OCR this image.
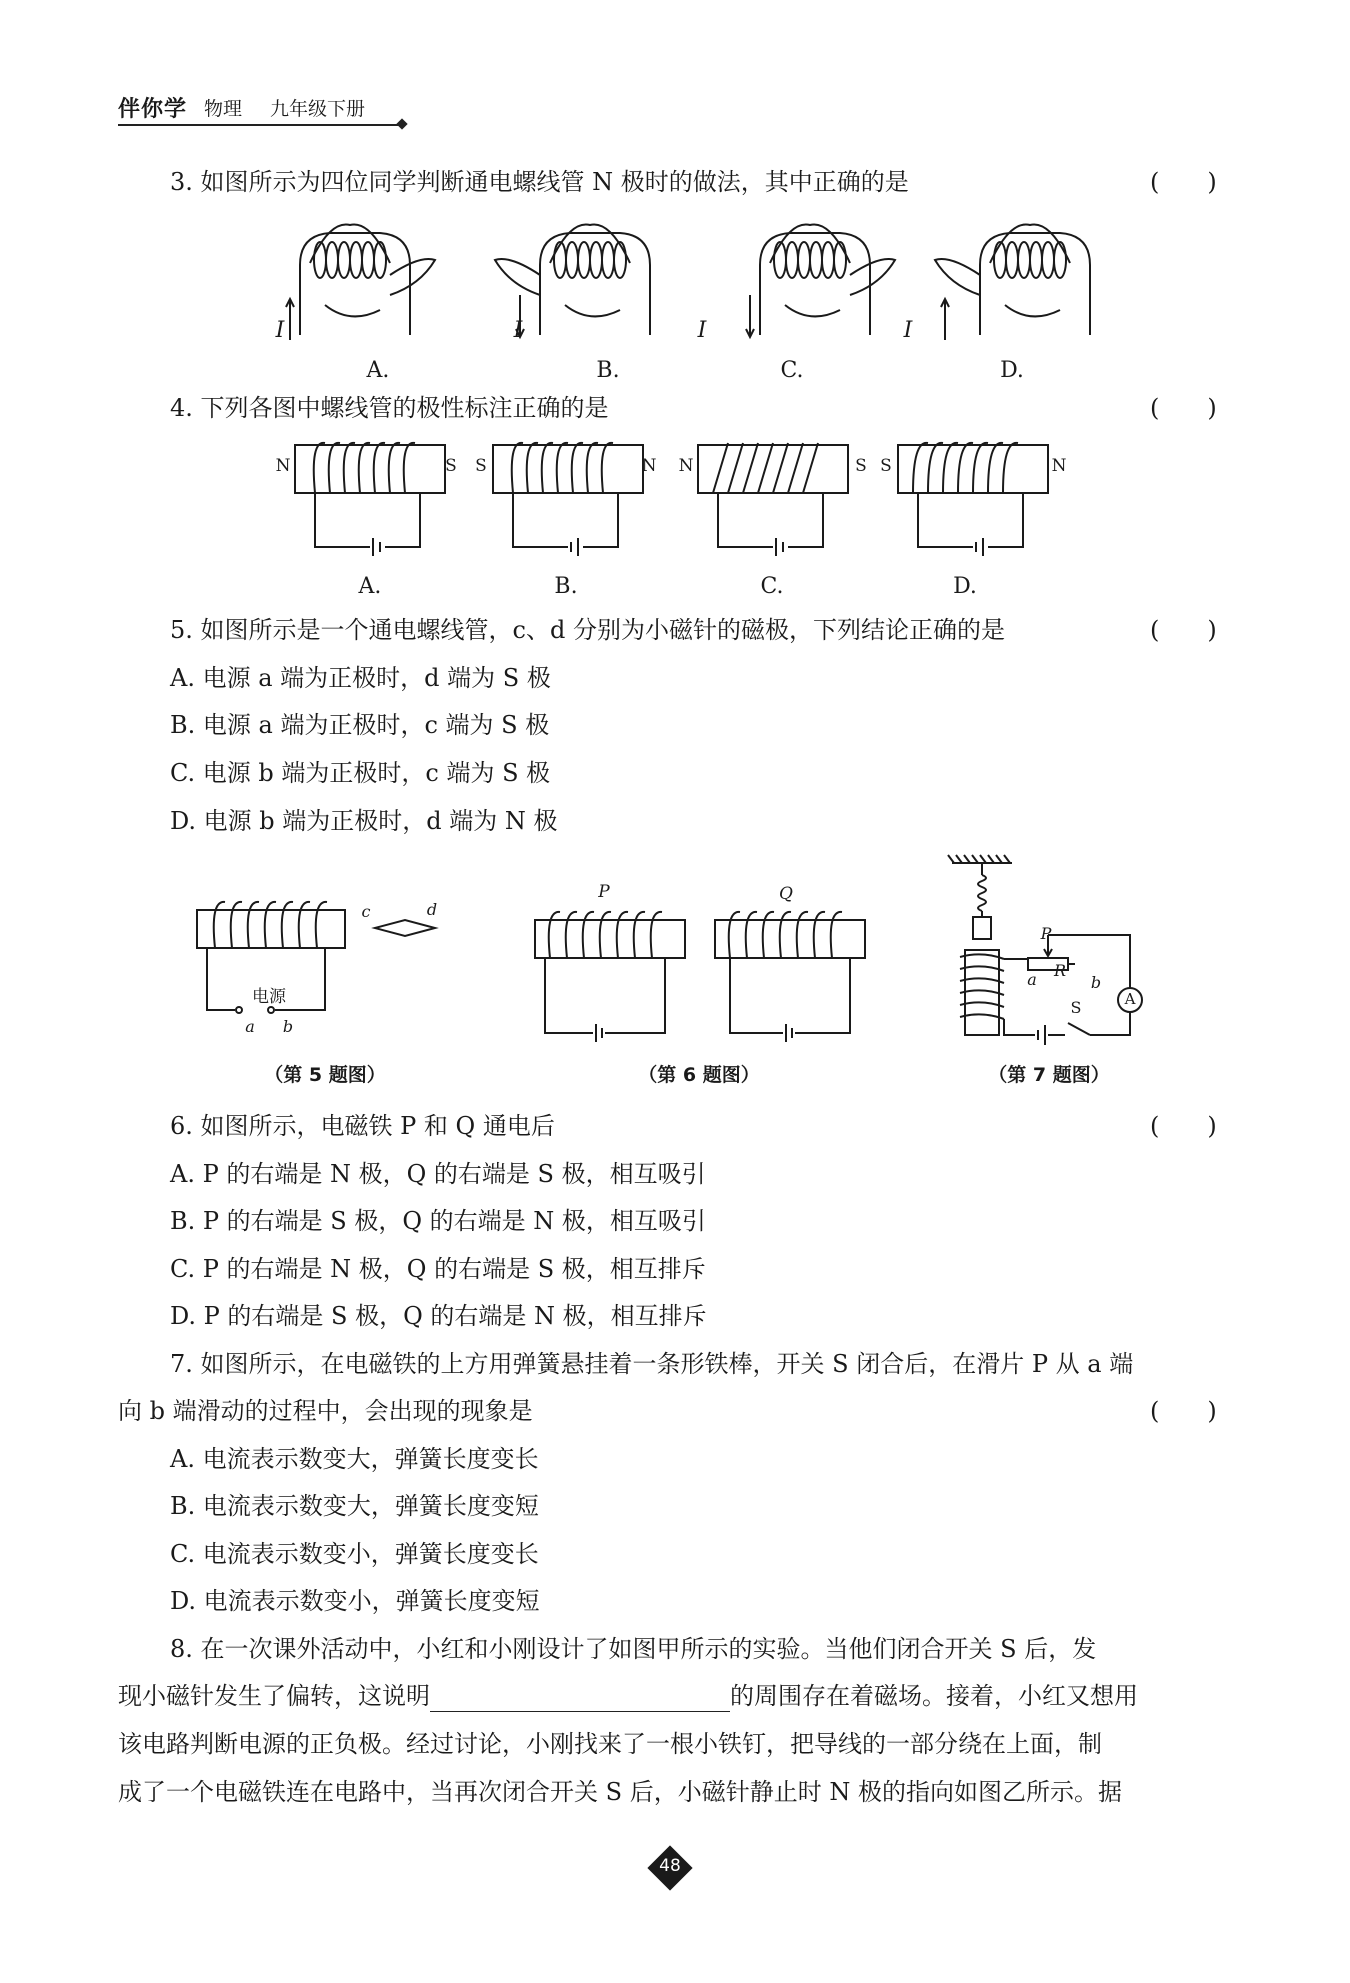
伴你学 物理 九年级下册
3. 如图所示为四位同学判断通电螺线管 N 极时的做法，其中正确的是	(　　)
I	I	I	I
A.	B.	C.	D.
4. 下列各图中螺线管的极性标注正确的是	(　　)
N	S	S	N	N	S S	N
A.	B.	C.	D.
5. 如图所示是一个通电螺线管，c、d 分别为小磁针的磁极，下列结论正确的是	(　　)
A. 电源 a 端为正极时，d 端为 S 极
B. 电源 a 端为正极时，c 端为 S 极
C. 电源 b 端为正极时，c 端为 S 极
D. 电源 b 端为正极时，d 端为 N 极
c	d
电源
a	b
（第 5 题图）
P	Q
（第 6 题图）
P
R
a	b
S	A
（第 7 题图）
6. 如图所示，电磁铁 P 和 Q 通电后	(　　)
A. P 的右端是 N 极，Q 的右端是 S 极，相互吸引
B. P 的右端是 S 极，Q 的右端是 N 极，相互吸引
C. P 的右端是 N 极，Q 的右端是 S 极，相互排斥
D. P 的右端是 S 极，Q 的右端是 N 极，相互排斥
7. 如图所示，在电磁铁的上方用弹簧悬挂着一条形铁棒，开关 S 闭合后，在滑片 P 从 a 端
向 b 端滑动的过程中，会出现的现象是	(　　)
A. 电流表示数变大，弹簧长度变长
B. 电流表示数变大，弹簧长度变短
C. 电流表示数变小，弹簧长度变长
D. 电流表示数变小，弹簧长度变短
8. 在一次课外活动中，小红和小刚设计了如图甲所示的实验。当他们闭合开关 S 后，发
现小磁针发生了偏转，这说明	的周围存在着磁场。接着，小红又想用
该电路判断电源的正负极。经过讨论，小刚找来了一根小铁钉，把导线的一部分绕在上面，制
成了一个电磁铁连在电路中，当再次闭合开关 S 后，小磁针静止时 N 极的指向如图乙所示。据
48
